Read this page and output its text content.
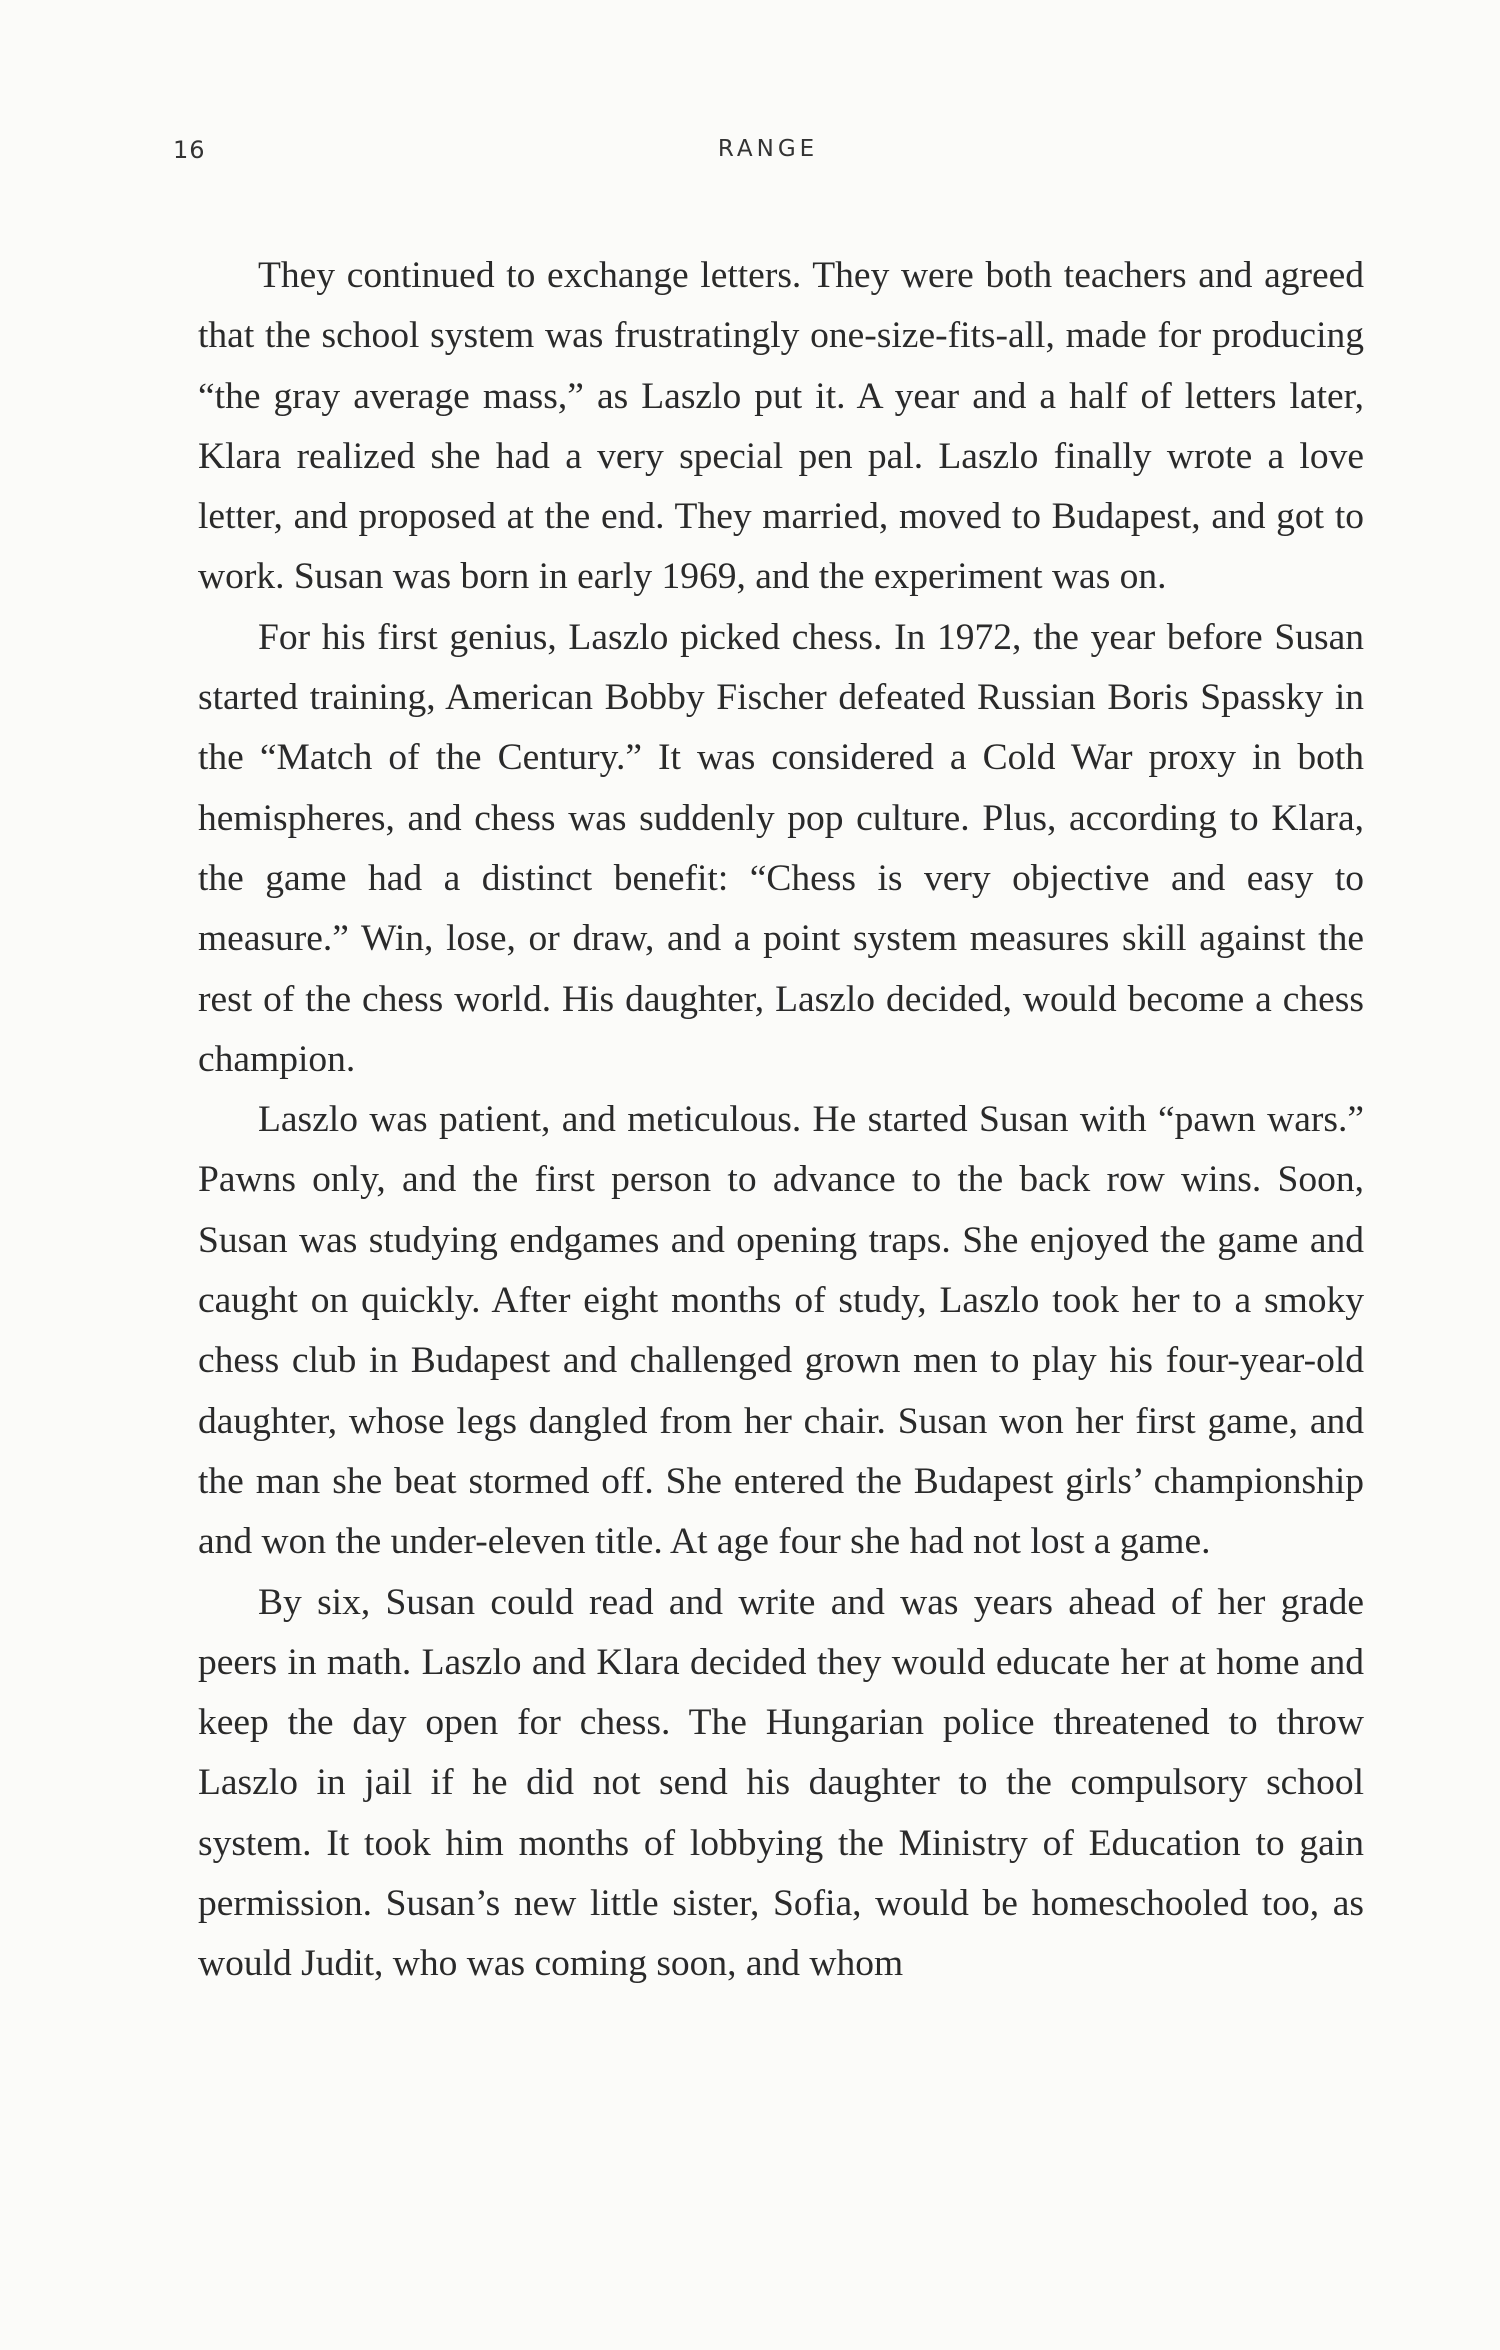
16	RANGE

They continued to exchange letters. They were both teachers and agreed that the school system was frustratingly one-size-fits-all, made for producing “the gray average mass,” as Laszlo put it. A year and a half of letters later, Klara realized she had a very special pen pal. Laszlo finally wrote a love letter, and proposed at the end. They married, moved to Budapest, and got to work. Susan was born in early 1969, and the experiment was on.

For his first genius, Laszlo picked chess. In 1972, the year before Susan started training, American Bobby Fischer defeated Russian Boris Spassky in the “Match of the Century.” It was considered a Cold War proxy in both hemispheres, and chess was suddenly pop culture. Plus, according to Klara, the game had a distinct benefit: “Chess is very objective and easy to measure.” Win, lose, or draw, and a point system measures skill against the rest of the chess world. His daughter, Laszlo decided, would become a chess champion.

Laszlo was patient, and meticulous. He started Susan with “pawn wars.” Pawns only, and the first person to advance to the back row wins. Soon, Susan was studying endgames and opening traps. She enjoyed the game and caught on quickly. After eight months of study, Laszlo took her to a smoky chess club in Budapest and challenged grown men to play his four-year-old daughter, whose legs dangled from her chair. Susan won her first game, and the man she beat stormed off. She entered the Budapest girls’ championship and won the under-eleven title. At age four she had not lost a game.

By six, Susan could read and write and was years ahead of her grade peers in math. Laszlo and Klara decided they would educate her at home and keep the day open for chess. The Hungarian police threatened to throw Laszlo in jail if he did not send his daughter to the compulsory school system. It took him months of lobbying the Ministry of Education to gain permission. Susan’s new little sister, Sofia, would be homeschooled too, as would Judit, who was coming soon, and whom
